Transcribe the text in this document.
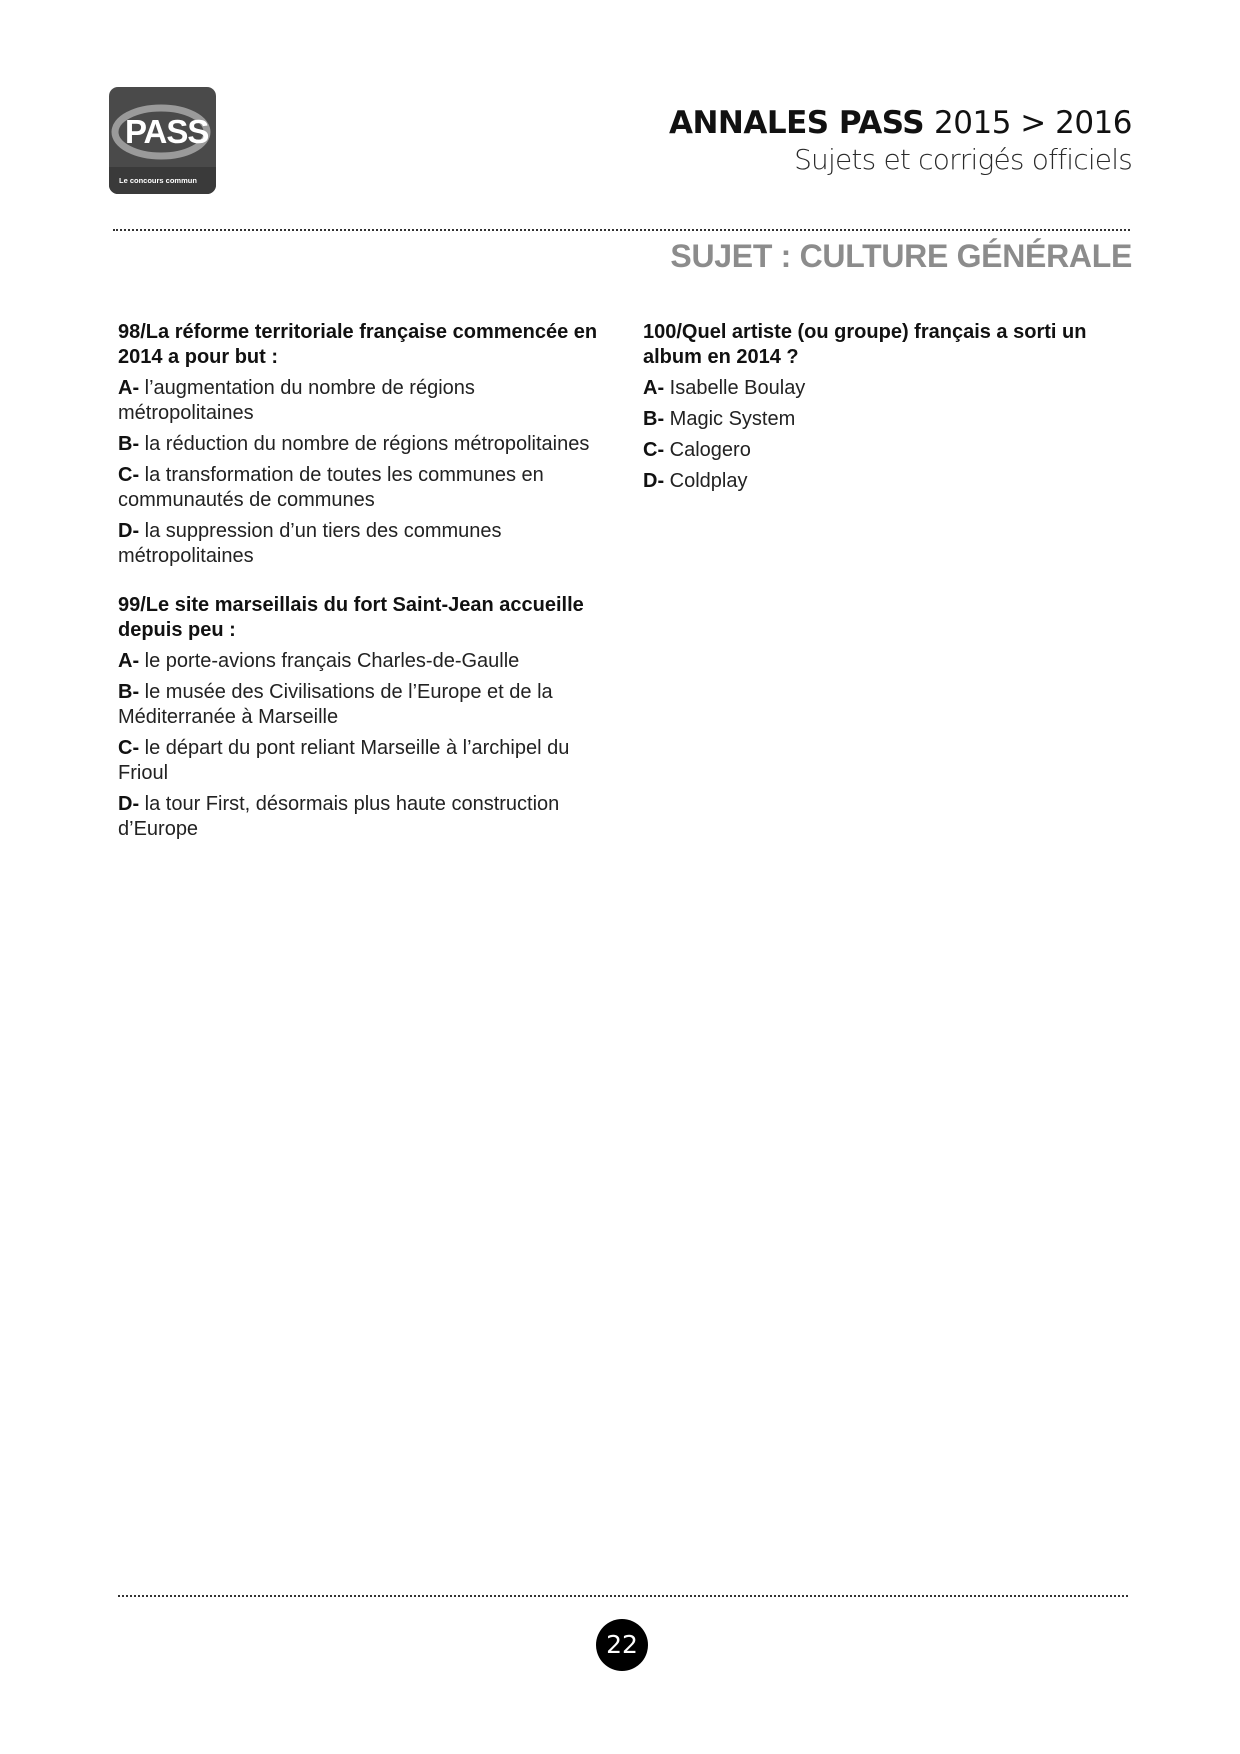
PASS
Le concours commun
ANNALES PASS 2015 > 2016
Sujets et corrigés officiels
SUJET : CULTURE GÉNÉRALE
98/La réforme territoriale française commencée en 2014 a pour but :
A- l’augmentation du nombre de régions métropolitaines
B- la réduction du nombre de régions métropolitaines
C- la transformation de toutes les communes en communautés de communes
D- la suppression d’un tiers des communes métropolitaines
99/Le site marseillais du fort Saint-Jean accueille depuis peu :
A- le porte-avions français Charles-de-Gaulle
B- le musée des Civilisations de l’Europe et de la Méditerranée à Marseille
C- le départ du pont reliant Marseille à l’archipel du Frioul
D- la tour First, désormais plus haute construction d’Europe
100/Quel artiste (ou groupe) français a sorti un album en 2014 ?
A- Isabelle Boulay
B- Magic System
C- Calogero
D- Coldplay
22
